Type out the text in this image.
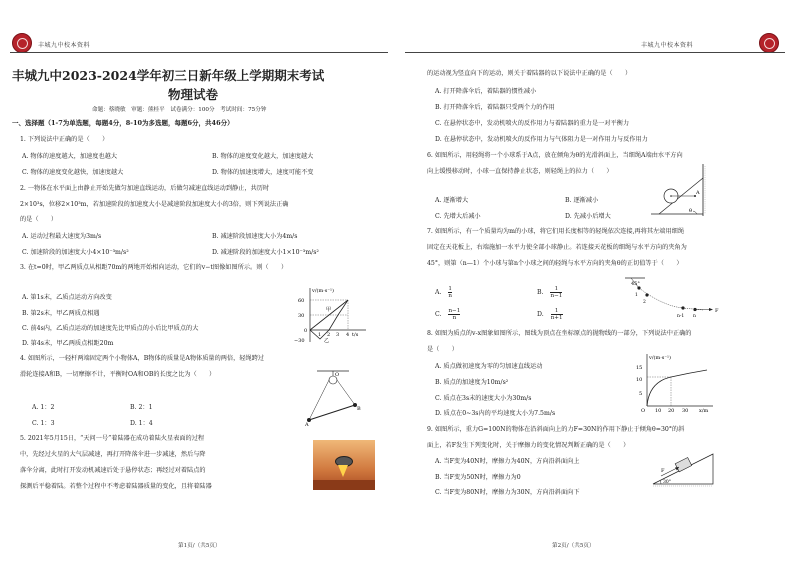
丰城九中校本资料
丰城九中2023-2024学年初三日新年级上学期期末考试
物理试卷
命题：蔡晓敏　审题：熊桂平　试卷满分：100分　考试时间：75分钟
一、选择题（1-7为单选题，每题4分，8-10为多选题，每题6分，共46分）
1. 下列说法中正确的是（　　）
A. 物体的速度越大，加速度也越大	B. 物体的速度变化越大，加速度越大
C. 物体的速度变化越快，加速度越大	D. 物体的加速度增大，速度可能不变
2. 一物体在水平面上由静止开始先做匀加速直线运动，后做匀减速直线运动到静止，共历时
2×10³s，位移2×10³m，若加速阶段的加速度大小是减速阶段加速度大小的3倍，则下列说法正确
的是（　　）
A. 运动过程最大速度为3m/s	B. 减速阶段加速度大小为4m/s
C. 加速阶段的加速度大小4×10⁻³m/s²	D. 减速阶段的加速度大小1×10⁻³m/s²
3. 在t=0时，甲乙两质点从相距70m的两地开始相向运动，它们的v−t图像如图所示。则（　　）
A. 第1s末，乙质点运动方向改变
B. 第2s末，甲乙两质点相遇
C. 前4s内，乙质点运动的加速度先比甲质点的小后比甲质点的大
D. 第4s末，甲乙两质点相距20m
v/(m·s⁻¹)
60
30
0
−30
1 2 3 4 t/s
甲
乙
4. 如图所示，一轻杆两端固定两个小物体A，B物体的质量是A物体质量的两倍，轻绳跨过
滑轮连接A和B，一切摩擦不计，平衡时OA和OB的长度之比为（　　）
A. 1：2	B. 2：1
C. 1：3	D. 1：4
O
A
B
5. 2021年5月15日，“天问一号”着陆器在成功着陆火星表面的过程
中，先经过火星的大气层减速，再打开降落伞进一步减速，然后与降
落伞分离，此时打开发动机减速后处于悬停状态；再经过对着陆点的
探测后平稳着陆。若整个过程中不考虑着陆器质量的变化，且将着陆器
第1页/（共5页）
丰城九中校本资料
的运动视为竖直向下的运动，则关于着陆器的以下说法中正确的是（　　）
A. 打开降落伞后，着陆器的惯性减小
B. 打开降落伞后，着陆器只受两个力的作用
C. 在悬停状态中，发动机喷火的反作用力与着陆器的重力是一对平衡力
D. 在悬停状态中，发动机喷火的反作用力与气体阻力是一对作用力与反作用力
6. 如图所示，用轻绳将一个小球系于A点，放在倾角为θ的光滑斜面上，当细绳A端由水平方向
向上缓慢移动时，小球一直保持静止状态，则轻绳上的拉力（　　）
A. 逐渐增大	B. 逐渐减小
C. 先增大后减小	D. 先减小后增大
A
θ
7. 如图所示，有一个质量均为m的小球，将它们用长度相等的轻绳依次连接,再将其左端用细绳
固定在天花板上，右端施加一水平力使全部小球静止。若连接天花板的细绳与水平方向的夹角为
45°，则第（n—1）个小球与第n个小球之间的轻绳与水平方向的夹角θ的正切值等于（　　）
A. $\frac{1}{n}$	B. $\frac{1}{n-1}$
C. $\frac{n-1}{n}$	D. $\frac{1}{n+1}$
45°
1
2
n-1 n
F
8. 如图为质点的v-x图象如图所示，图线为顶点在坐标原点的抛物线的一部分，下列说法中正确的
是（　　）
A. 质点做初速度为零的匀加速直线运动
B. 质点的加速度为10m/s²
C. 质点在3s末的速度大小为30m/s
D. 质点在0~3s内的平均速度大小为7.5m/s
v/(m·s⁻¹)
15
10
5
O 10 20 30 x/m
9. 如图所示，重力G=100N的物体在沿斜面向上的力F=30N的作用下静止于倾角θ=30°的斜
面上，若F发生下列变化时，关于摩擦力的变化情况判断正确的是（　　）
A. 当F变为40N时，摩擦力为40N，方向沿斜面向上
B. 当F变为50N时，摩擦力为0
C. 当F变为80N时，摩擦力为30N，方向沿斜面向下
F
30°
第2页/（共5页）
